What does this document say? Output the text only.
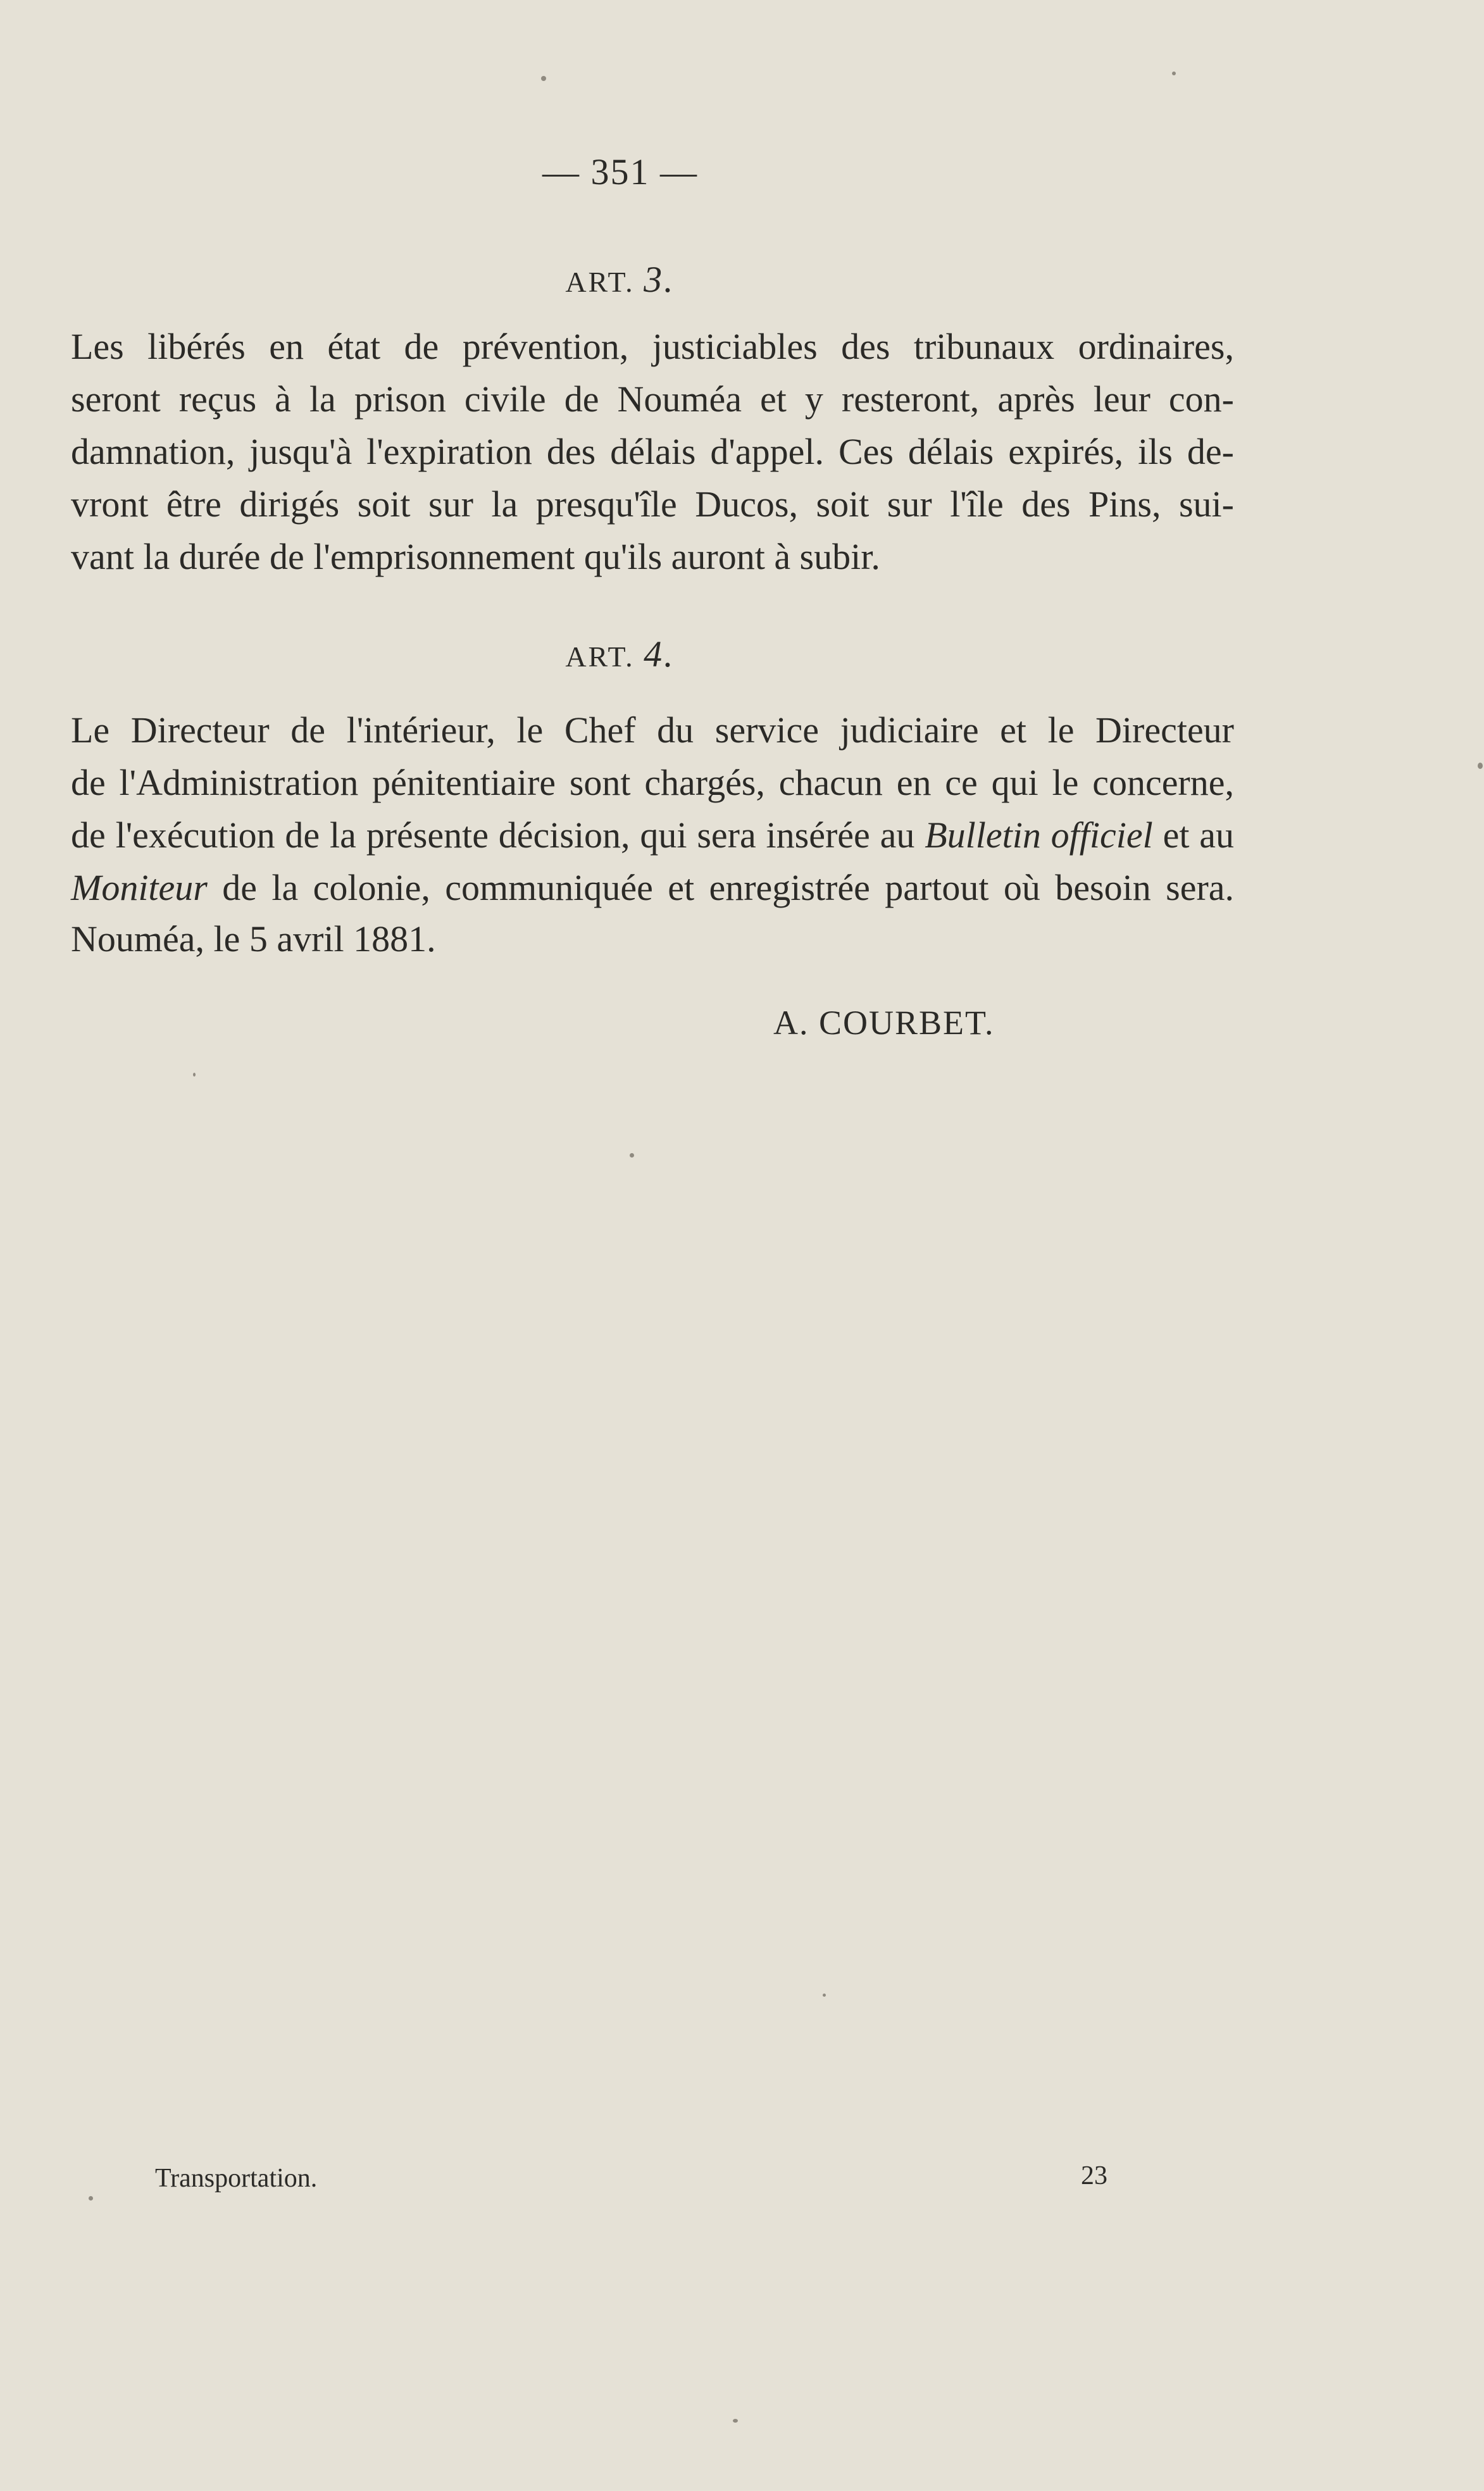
— 351 —
ART. 3.
Les libérés en état de prévention, justiciables des tribunaux ordinaires,
seront reçus à la prison civile de Nouméa et y resteront, après leur con-
damnation, jusqu'à l'expiration des délais d'appel. Ces délais expirés, ils de-
vront être dirigés soit sur la presqu'île Ducos, soit sur l'île des Pins, sui-
vant la durée de l'emprisonnement qu'ils auront à subir.
ART. 4.
Le Directeur de l'intérieur, le Chef du service judiciaire et le Directeur
de l'Administration pénitentiaire sont chargés, chacun en ce qui le concerne,
de l'exécution de la présente décision, qui sera insérée au Bulletin officiel et au
Moniteur de la colonie, communiquée et enregistrée partout où besoin sera.
Nouméa, le 5 avril 1881.
A. COURBET.
Transportation.	23
